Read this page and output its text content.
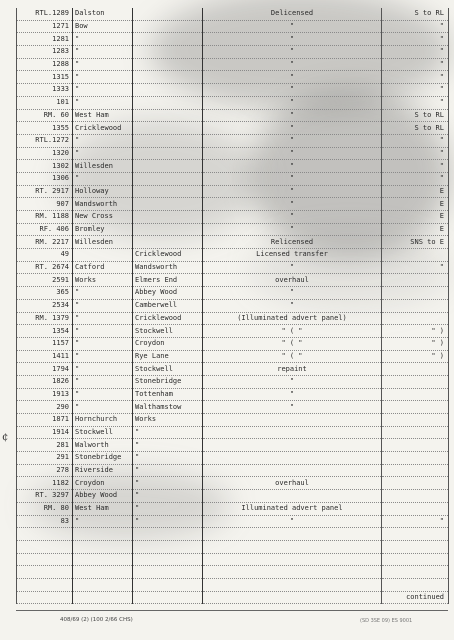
RTL.1289	Dalston		Delicensed	S to RL
1271	Bow		"	"
1281	"		"	"
1283	"		"	"
1288	"		"	"
1315	"		"	"
1333	"		"	"
101	"		"	"
RM. 60	West Ham		"	S to RL
1355	Cricklewood		"	S to RL
RTL.1272	"		"	"
1320	"		"	"
1302	Willesden		"	"
1306	"		"	"
RT. 2917	Holloway		"	E
907	Wandsworth		"	E
RM. 1188	New Cross		"	E
RF. 406	Bromley		"	E
RM. 2217	Willesden		Relicensed	SNS to E
49		Cricklewood	Licensed transfer	
RT. 2674	Catford	Wandsworth	"	"
2591	Works	Elmers End	overhaul	
365	"	Abbey Wood	"	
2534	"	Camberwell	"	
RM. 1379	"	Cricklewood	(Illuminated advert panel)	
1354	"	Stockwell	" ( "	" )
1157	"	Croydon	" ( "	" )
1411	"	Rye Lane	" ( "	" )
1794	"	Stockwell	repaint	
1826	"	Stonebridge	"	
1913	"	Tottenham	"	
290	"	Walthamstow	"	
1871	Hornchurch	Works		
1914	Stockwell	"		
281	Walworth	"		
291	Stonebridge	"		
278	Riverside	"		
1182	Croydon	"	overhaul	
RT. 3297	Abbey Wood	"		
RM. 80	West Ham	"	Illuminated advert panel	
83	"	"	"	"

				continued
¢
408/69 (2) (100 2/66 CHS)	(SD 3SE 09) ES 9001
